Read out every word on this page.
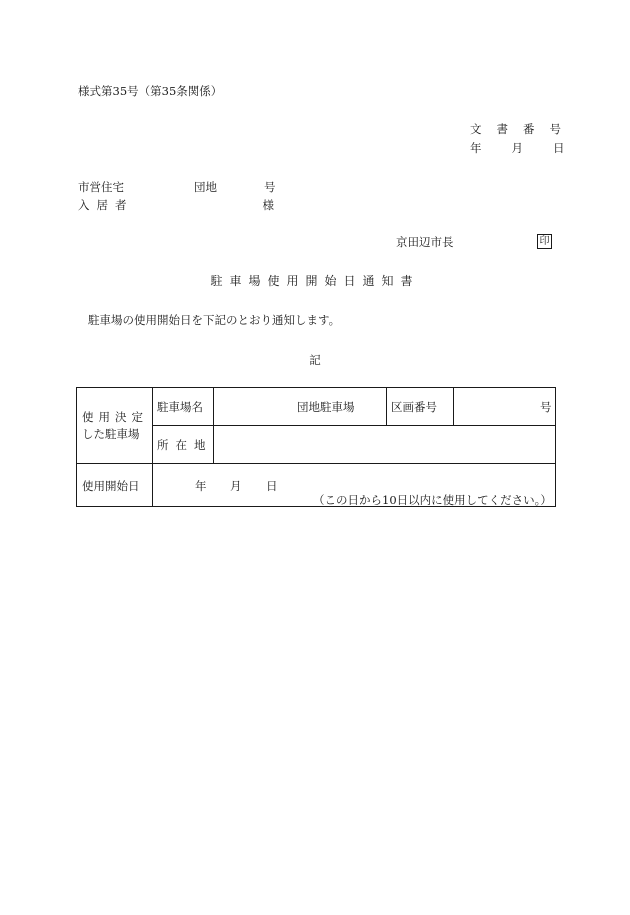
様式第35号（第35条関係）
文 書 番 号
年	月	日
市営住宅	団地	号
入居者	様
京田辺市長	印
駐車場使用開始日通知書
駐車場の使用開始日を下記のとおり通知します。
記
使用決定
した駐車場
駐車場名	団地駐車場	区画番号	号
所在地
使用開始日	年 月 日
（この日から10日以内に使用してください。）
